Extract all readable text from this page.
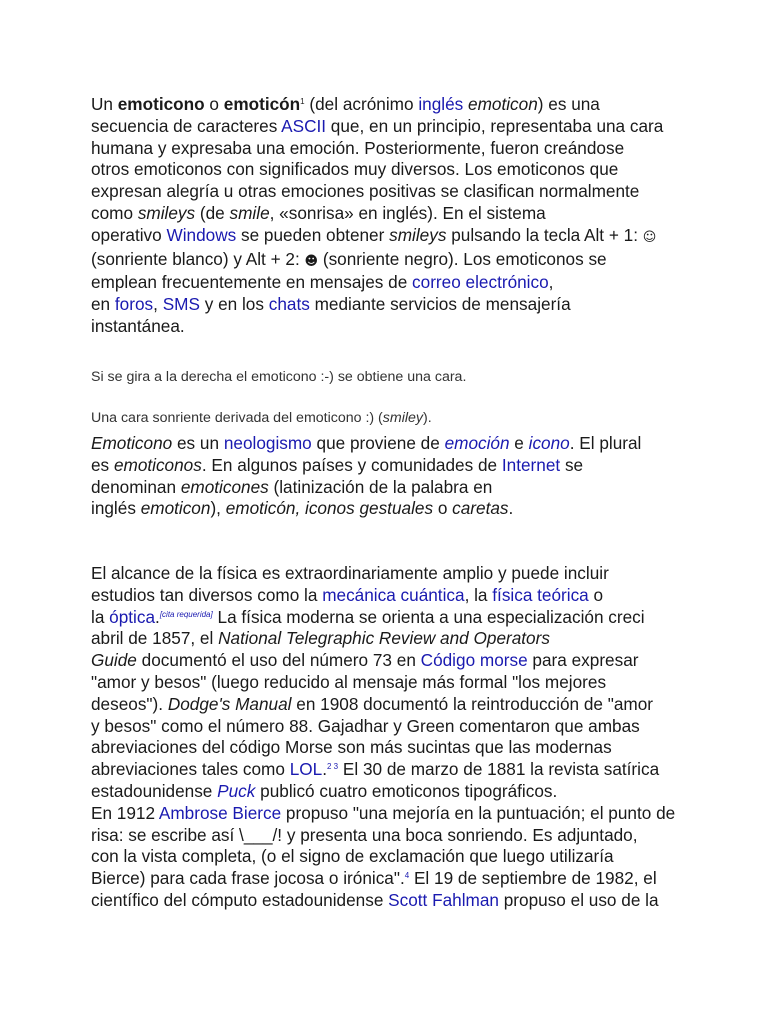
Un emoticono o emoticón$^1$ (del acrónimo inglés emoticon) es una
secuencia de caracteres ASCII que, en un principio, representaba una cara
humana y expresaba una emoción. Posteriormente, fueron creándose
otros emoticonos con significados muy diversos. Los emoticonos que
expresan alegría u otras emociones positivas se clasifican normalmente
como smileys (de smile, «sonrisa» en inglés). En el sistema
operativo Windows se pueden obtener smileys pulsando la tecla Alt + 1: ☺
(sonriente blanco) y Alt + 2: ☻ (sonriente negro). Los emoticonos se
emplean frecuentemente en mensajes de correo electrónico,
en foros, SMS y en los chats mediante servicios de mensajería
instantánea.
Si se gira a la derecha el emoticono :-) se obtiene una cara.
Una cara sonriente derivada del emoticono :) (smiley).
Emoticono es un neologismo que proviene de emoción e icono. El plural
es emoticonos. En algunos países y comunidades de Internet se
denominan emoticones (latinización de la palabra en
inglés emoticon), emoticón, iconos gestuales o caretas.
El alcance de la física es extraordinariamente amplio y puede incluir
estudios tan diversos como la mecánica cuántica, la física teórica o
la óptica.[cita requerida] La física moderna se orienta a una especialización creci
abril de 1857, el National Telegraphic Review and Operators
Guide documentó el uso del número 73 en Código morse para expresar
"amor y besos" (luego reducido al mensaje más formal "los mejores
deseos"). Dodge's Manual en 1908 documentó la reintroducción de "amor
y besos" como el número 88. Gajadhar y Green comentaron que ambas
abreviaciones del código Morse son más sucintas que las modernas
abreviaciones tales como LOL.$^{2 3}$ El 30 de marzo de 1881 la revista satírica
estadounidense Puck publicó cuatro emoticonos tipográficos.
En 1912 Ambrose Bierce propuso "una mejoría en la puntuación; el punto de
risa: se escribe así \___/! y presenta una boca sonriendo. Es adjuntado,
con la vista completa, (o el signo de exclamación que luego utilizaría
Bierce) para cada frase jocosa o irónica".$^4$ El 19 de septiembre de 1982, el
científico del cómputo estadounidense Scott Fahlman propuso el uso de la
